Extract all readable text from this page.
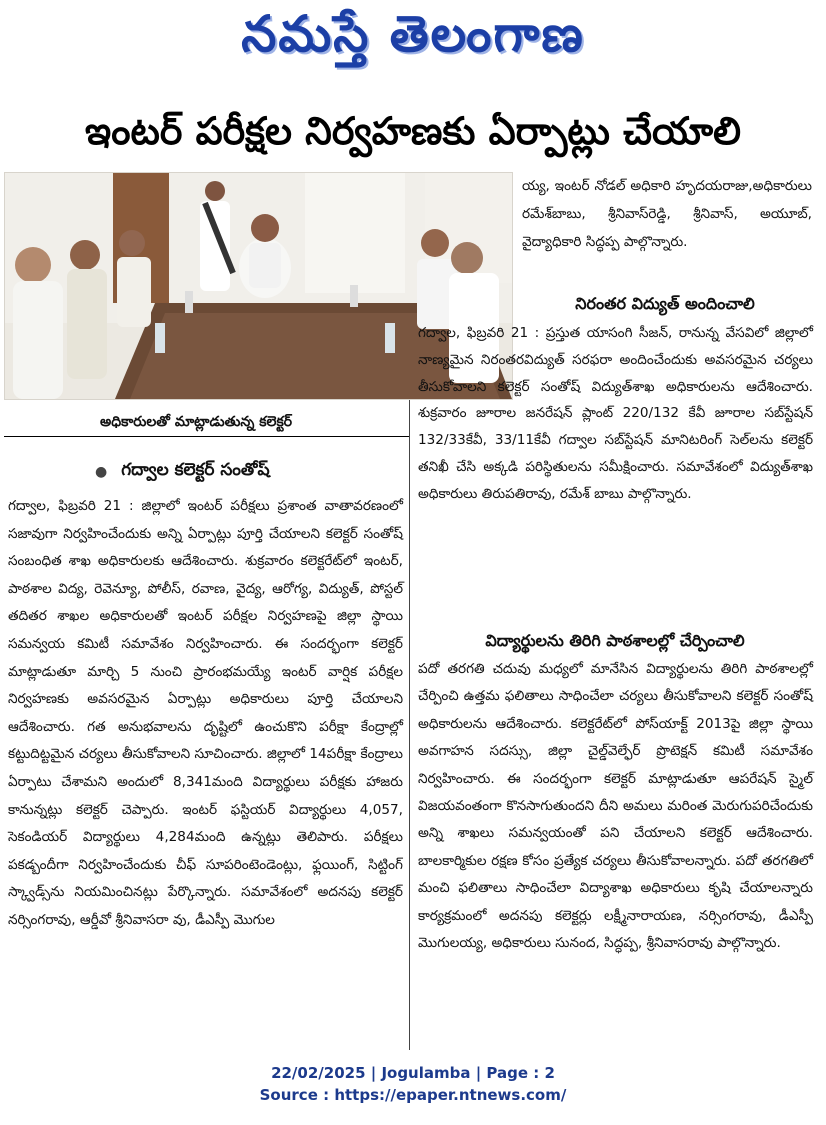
నమస్తే తెలంగాణ
ఇంటర్ పరీక్షల నిర్వహణకు ఏర్పాట్లు చేయాలి
అధికారులతో మాట్లాడుతున్న కలెక్టర్
● గద్వాల కలెక్టర్ సంతోష్

గద్వాల, ఫిబ్రవరి 21 : జిల్లాలో ఇంటర్ పరీక్షలు ప్రశాంత వాతావరణంలో సజావుగా నిర్వహించేందుకు అన్ని ఏర్పాట్లు పూర్తి చేయాలని కలెక్టర్ సంతోష్ సంబంధిత శాఖ అధికారులకు ఆదేశించారు. శుక్రవారం కలెక్టరేట్‌లో ఇంటర్, పాఠశాల విద్య, రెవెన్యూ, పోలీస్, రవాణ, వైద్య, ఆరోగ్య, విద్యుత్, పోస్టల్ తదితర శాఖల అధికారులతో ఇంటర్ పరీక్షల నిర్వహణపై జిల్లా స్థాయి సమన్వయ కమిటీ సమావేశం నిర్వహించారు. ఈ సందర్భంగా కలెక్టర్ మాట్లాడుతూ మార్చి 5 నుంచి ప్రారంభమయ్యే ఇంటర్ వార్షిక పరీక్షల నిర్వహణకు అవసరమైన ఏర్పాట్లు అధికారులు పూర్తి చేయాలని ఆదేశించారు. గత అనుభవాలను దృష్టిలో ఉంచుకొని పరీక్షా కేంద్రాల్లో కట్టుదిట్టమైన చర్యలు తీసుకోవాలని సూచించారు. జిల్లాలో 14పరీక్షా కేంద్రాలు ఏర్పాటు చేశామని అందులో 8,341మంది విద్యార్థులు పరీక్షకు హాజరు కానున్నట్లు కలెక్టర్ చెప్పారు. ఇంటర్ ఫస్టియర్ విద్యార్థులు 4,057, సెకండియర్ విద్యార్థులు 4,284మంది ఉన్నట్లు తెలిపారు. పరీక్షలు పకడ్బందీగా నిర్వహించేందుకు చీఫ్ సూపరింటెండెంట్లు, ఫ్లయింగ్, సిట్టింగ్ స్క్వాడ్స్‌ను నియమించినట్లు పేర్కొన్నారు. సమావేశంలో అదనపు కలెక్టర్ నర్సింగరావు, ఆర్డీవో శ్రీనివాసరా వు, డీఎస్పీ మొగుల

య్య, ఇంటర్ నోడల్ అధికారి హృదయరాజు,అధికారులు రమేశ్‌బాబు, శ్రీనివాస్‌రెడ్డి, శ్రీనివాస్, అయూబ్, వైద్యాధికారి సిద్ధప్ప పాల్గొన్నారు.

నిరంతర విద్యుత్ అందించాలి

గద్వాల, ఫిబ్రవరి 21 : ప్రస్తుత యాసంగి సీజన్, రానున్న వేసవిలో జిల్లాలో నాణ్యమైన నిరంతరవిద్యుత్ సరఫరా అందించేందుకు అవసరమైన చర్యలు తీసుకోవాలని కలెక్టర్ సంతోష్ విద్యుత్‌శాఖ అధికారులను ఆదేశించారు. శుక్రవారం జూరాల జనరేషన్ ప్లాంట్ 220/132 కేవీ జూరాల సబ్‌స్టేషన్ 132/33కేవీ, 33/11కేవీ గద్వాల సబ్‌స్టేషన్ మానిటరింగ్ సెల్‌లను కలెక్టర్ తనిఖీ చేసి అక్కడి పరిస్థితులను సమీక్షించారు. సమావేశంలో విద్యుత్‌శాఖ అధికారులు తిరుపతిరావు, రమేశ్ బాబు పాల్గొన్నారు.

విద్యార్థులను తిరిగి పాఠశాలల్లో చేర్పించాలి

పదో తరగతి చదువు మధ్యలో మానేసిన విద్యార్థులను తిరిగి పాఠశాలల్లో చేర్పించి ఉత్తమ ఫలితాలు సాధించేలా చర్యలు తీసుకోవాలని కలెక్టర్ సంతోష్ అధికారులను ఆదేశించారు. కలెక్టరేట్‌లో పోస్‌యాక్ట్ 2013పై జిల్లా స్థాయి అవగాహన సదస్సు, జిల్లా చైల్డ్‌వెల్ఫేర్ ప్రొటెక్షన్ కమిటీ సమావేశం నిర్వహించారు. ఈ సందర్భంగా కలెక్టర్ మాట్లాడుతూ ఆపరేషన్ స్మైల్ విజయవంతంగా కొనసాగుతుందని దీని అమలు మరింత మెరుగుపరిచేందుకు అన్ని శాఖలు సమన్వయంతో పని చేయాలని కలెక్టర్ ఆదేశించారు. బాలకార్మికుల రక్షణ కోసం ప్రత్యేక చర్యలు తీసుకోవాలన్నారు. పదో తరగతిలో మంచి ఫలితాలు సాధించేలా విద్యాశాఖ అధికారులు కృషి చేయాలన్నారు కార్యక్రమంలో అదనపు కలెక్టర్లు లక్ష్మీనారాయణ, నర్సింగరావు, డీఎస్పీ మొగులయ్య, అధికారులు సునంద, సిద్ధప్ప, శ్రీనివాసరావు పాల్గొన్నారు.

22/02/2025 | Jogulamba | Page : 2
Source : https://epaper.ntnews.com/
